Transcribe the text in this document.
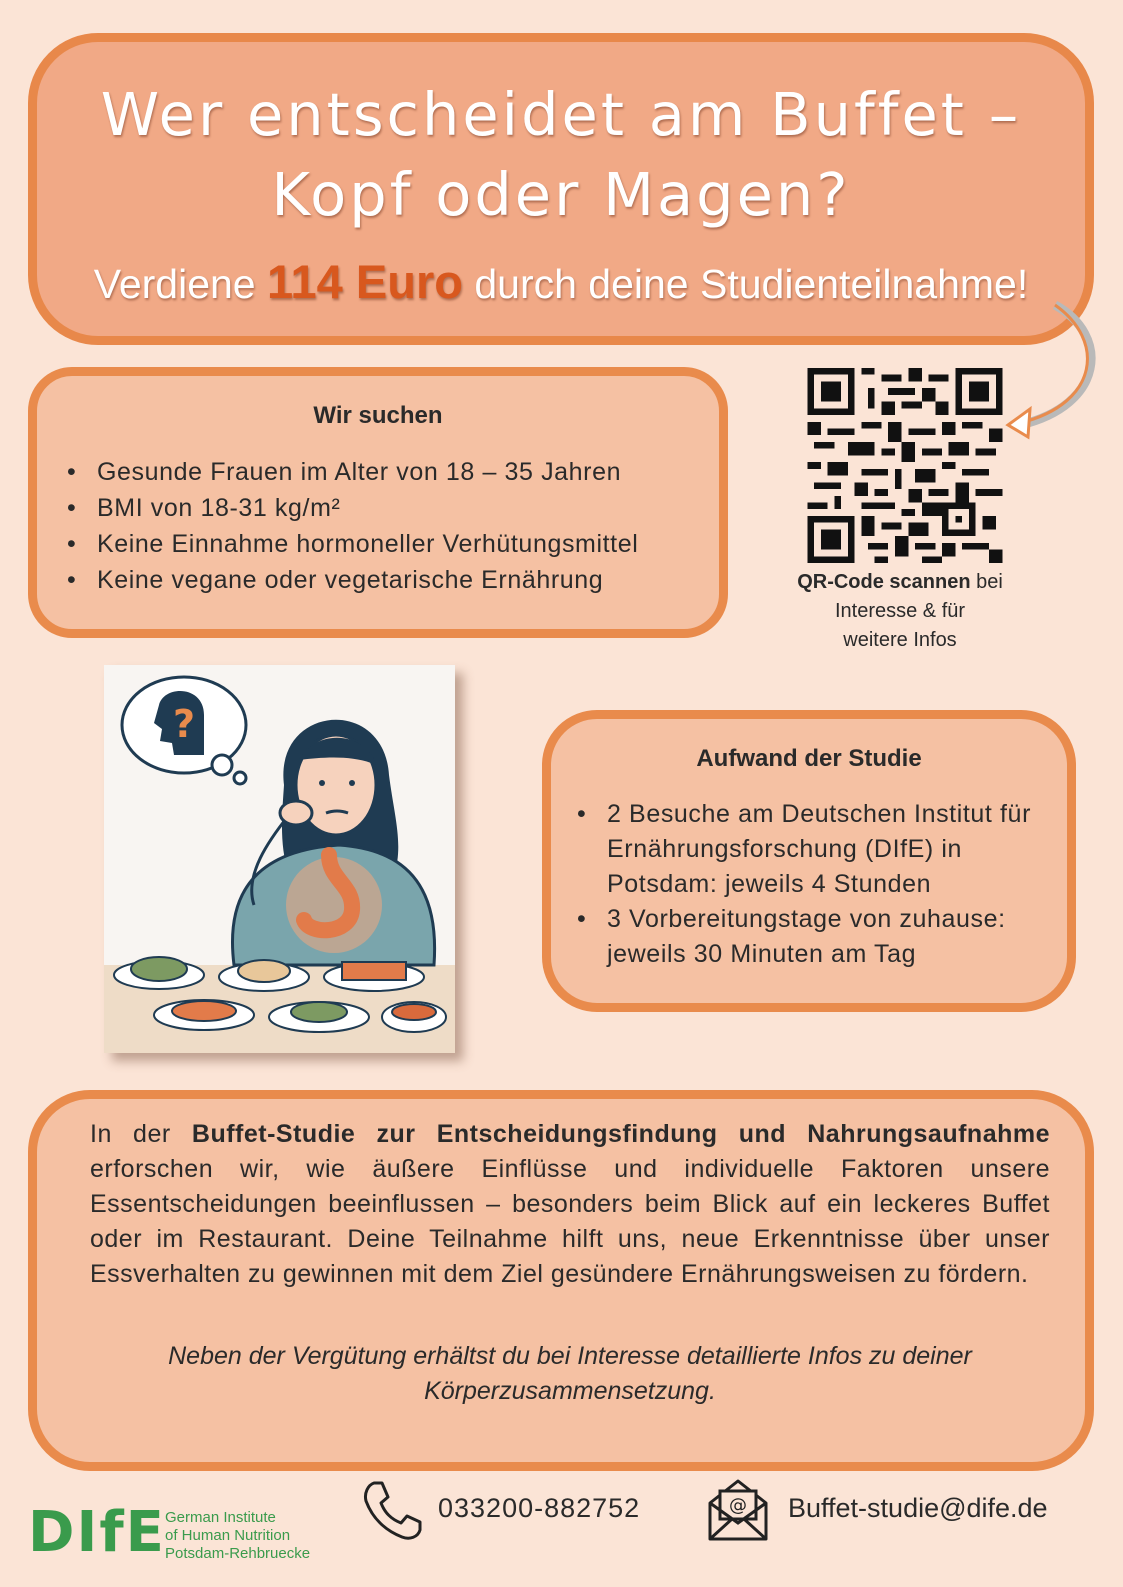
Wer entscheidet am Buffet –
Kopf oder Magen?
Verdiene 114 Euro durch deine Studienteilnahme!
Wir suchen
• Gesunde Frauen im Alter von 18 – 35 Jahren
• BMI von 18-31 kg/m²
• Keine Einnahme hormoneller Verhütungsmittel
• Keine vegane oder vegetarische Ernährung	QR-Code scannen bei
Interesse & für
weitere Infos
?
Aufwand der Studie
• 2 Besuche am Deutschen Institut für Ernährungsforschung (DIfE) in Potsdam: jeweils 4 Stunden
• 3 Vorbereitungstage von zuhause: jeweils 30 Minuten am Tag
In der Buffet-Studie zur Entscheidungsfindung und Nahrungsaufnahme erforschen wir, wie äußere Einflüsse und individuelle Faktoren unsere Essentscheidungen beeinflussen – besonders beim Blick auf ein leckeres Buffet oder im Restaurant. Deine Teilnahme hilft uns, neue Erkenntnisse über unser Essverhalten zu gewinnen mit dem Ziel gesündere Ernährungsweisen zu fördern.
Neben der Vergütung erhältst du bei Interesse detaillierte Infos zu deiner
Körperzusammensetzung.
DIfE German Institute
of Human Nutrition
Potsdam-Rehbruecke
033200-882752	@ Buffet-studie@dife.de
